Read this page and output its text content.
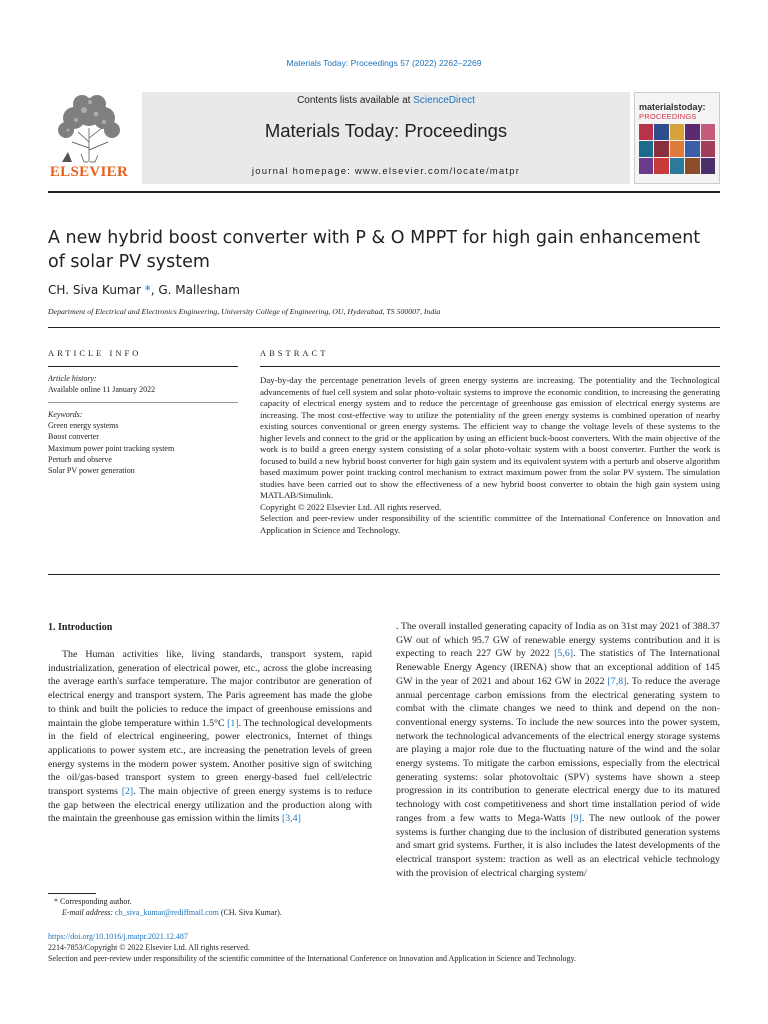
Materials Today: Proceedings 57 (2022) 2262–2269
ELSEVIER
Contents lists available at ScienceDirect
Materials Today: Proceedings
journal homepage: www.elsevier.com/locate/matpr
materialstoday:
PROCEEDINGS
A new hybrid boost converter with P & O MPPT for high gain enhancement of solar PV system
CH. Siva Kumar *, G. Mallesham
Department of Electrical and Electronics Engineering, University College of Engineering, OU, Hyderabad, TS 500007, India
ARTICLE INFO
Article history:
Available online 11 January 2022
Keywords:
Green energy systems
Boost converter
Maximum power point tracking system
Perturb and observe
Solar PV power generation
ABSTRACT

Day-by-day the percentage penetration levels of green energy systems are increasing. The potentiality and the Technological advancements of fuel cell system and solar photo-voltaic systems to improve the economic condition, to increasing the generating capacity of electrical energy system and to reduce the percentage of greenhouse gas emission of electrical energy systems are increasing. The most cost-effective way to utilize the potentiality of the green energy systems is combined operation of nearby existing sources conventional or green energy systems. The efficient way to change the voltage levels of these systems to the higher levels and connect to the grid or the application by using an efficient buck-boost converters. With the main objective of the work is to build a green energy system consisting of a solar photo-voltaic system with a boost converter. Further the work is focused to build a new hybrid boost converter for high gain system and its equivalent system with a perturb and observe algorithm based maximum power point tracking control mechanism to extract maximum power from the solar PV system. The simulation studies have been carried out to show the effectiveness of a new hybrid boost converter to obtain the high gain system using MATLAB/Simulink.

Copyright © 2022 Elsevier Ltd. All rights reserved.

Selection and peer-review under responsibility of the scientific committee of the International Conference on Innovation and Application in Science and Technology.

1. Introduction

The Human activities like, living standards, transport system, rapid industrialization, generation of electrical power, etc., across the globe increasing the average earth's surface temperature. The major contributor are generation of electrical energy and transport system. The Paris agreement has made the globe to think and built the policies to reduce the impact of greenhouse emissions and maintain the globe temperature within 1.5°C [1]. The technological developments in the field of electrical engineering, power electronics, Internet of things applications to power system etc., are increasing the penetration levels of green energy systems in the modern power system. Another positive sign of switching the oil/gas-based transport system to green energy-based fuel cell/electric transport systems [2]. The main objective of green energy systems is to reduce the gap between the electrical energy utilization and the production along with the maintain the greenhouse gas emission within the limits [3,4]

. The overall installed generating capacity of India as on 31st may 2021 of 388.37 GW out of which 95.7 GW of renewable energy systems contribution and it is expecting to reach 227 GW by 2022 [5,6]. The statistics of The International Renewable Energy Agency (IRENA) show that an exceptional addition of 145 GW in the year of 2021 and about 162 GW in 2022 [7,8]. To reduce the average annual percentage carbon emissions from the electrical generating system to combat with the climate changes we need to think and depend on the non-conventional energy systems. To include the new sources into the power system, network the technological advancements of the electrical energy storage systems are playing a major role due to the fluctuating nature of the wind and the solar energy systems. To mitigate the carbon emissions, especially from the electrical generating systems: solar photovoltaic (SPV) systems have shown a steep progression in its contribution to generate electrical energy due to its matured technology with cost competitiveness and short time installation period of wide ranges from a few watts to Mega-Watts [9]. The new outlook of the power systems is further changing due to the inclusion of distributed generation systems and smart grid systems. Further, it is also includes the latest developments of the electrical transport system: traction as well as an electrical vehicle technology with the provision of electrical charging system/

* Corresponding author.
E-mail address: ch_siva_kumar@rediffmail.com (CH. Siva Kumar).
https://doi.org/10.1016/j.matpr.2021.12.487
2214-7853/Copyright © 2022 Elsevier Ltd. All rights reserved.
Selection and peer-review under responsibility of the scientific committee of the International Conference on Innovation and Application in Science and Technology.
